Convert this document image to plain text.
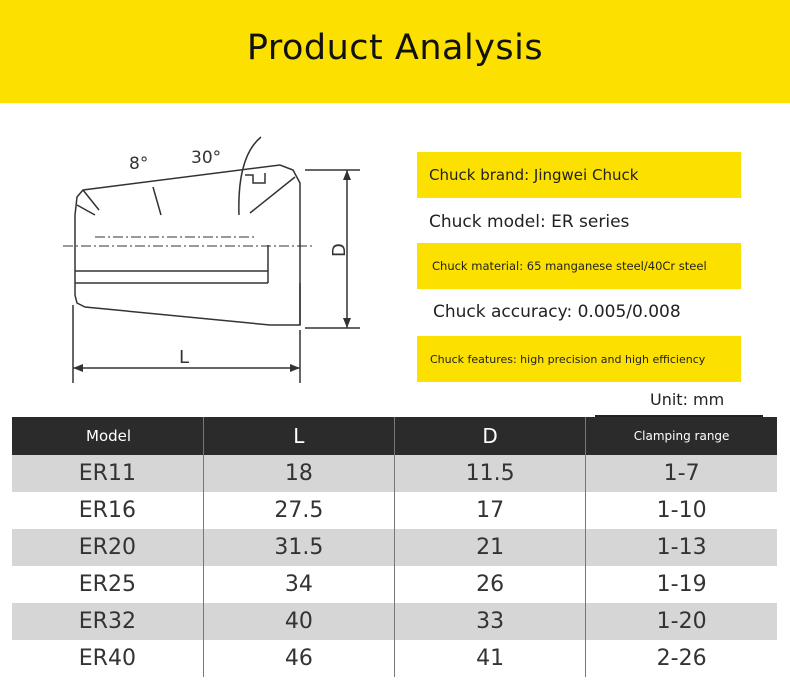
Product Analysis
8°	30°
L
D
Chuck brand: Jingwei Chuck
Chuck model: ER series
Chuck material: 65 manganese steel/40Cr steel
Chuck accuracy: 0.005/0.008
Chuck features: high precision and high efficiency
Unit: mm
Model	L	D	Clamping range
ER11	18	11.5	1-7
ER16	27.5	17	1-10
ER20	31.5	21	1-13
ER25	34	26	1-19
ER32	40	33	1-20
ER40	46	41	2-26
